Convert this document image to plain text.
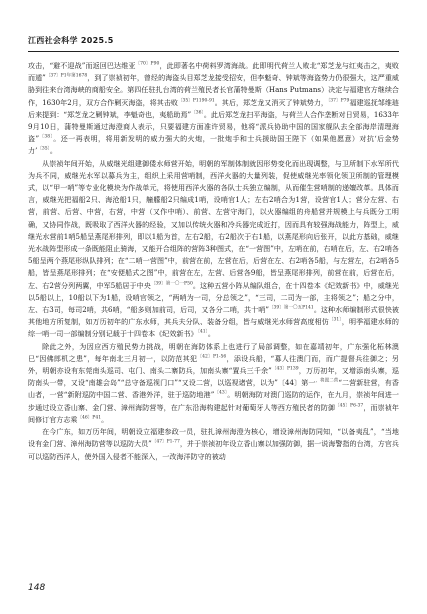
江西社会科学 2025.5

攻击，“避不迎战”而返回巴达维亚$^{〔70〕P90}$，此即著名中荷料罗湾海战。此即明代荷兰人败北“郑芝龙与红夷击之，夷败而遁”$^{〔37〕P1年第1678}$，到了崇祯初年，曾经的海盗头目郑芝龙接受招安，但李魁奇、钟斌等海盗势力仍很强大，这严重威胁到往来台湾海峡的商船安全。第四任驻扎台湾的荷兰殖民者长官蒲特曼斯（Hans Putmans）决定与福建官方继续合作，1630年2月，双方合作剿灭海盗，将其击败$^{〔35〕P1190-91}$。其后，郑芝龙又消灭了钟斌势力，$^{〔37〕P79}$福建巡抚邹维琏后来提到：“郑芝龙之剿钟斌，李魁奇也，夷船助焉”$^{〔36〕}$。此后郑芝龙扫平海盗，与荷兰人合作垄断对日贸易，1633年9月10日，蒲特曼斯通过海澄商人表示，只要福建方面准许贸易，他将“派兵协助中国的国家舰队去全部海岸清理海盗”$^{〔38〕}$。还一再表明，将用新发明的威力强大的火炮，一批炮手和士兵援助国王陛下（如果他愿意）对抗‘后金势力’$^{〔35〕}$。

从崇祯年间开始，从威继光组建御倭水师营开始，明朝的军制体制就因形势变化而出现调整，与卫所制下水军所代为兵不同，威继光水军以募兵为主，组织上采用营哨制，西洋火器的大量列装，促使威继光率领化领卫所制的管理模式，以“甲一哨”等专业化模块为作战单元，将使用西洋火器的各队士兵独立编制，从而催生营哨制的递嬗改革。具体而言，威继光把福船2只、海沧船1只，艟艨船2只编成1哨，设哨官1人；左右2哨合为1营，设营官1人；营分左营、右营，前营、后营、中营，右营，中营（又作中哨）、前营、左营守海门，以火器编组的舟船营并规模上与兵既分工明确，又协同作战，既吸取了西洋火器的经验，又加以传统火器和冷兵器完成近打，因而具有较强海战能力，阵型上，威继光水营前1哨5船呈燕尾形排列，即以1船为首，左右2船，右2船次于右1船，以燕尾形向后张开，以此方基础，威继光水战阵型形成一条既能阻止骑海，又能开合组阵的营阵3种图式，在“一营图”中，左哨在前，右哨在后，左、右2哨各5船呈两个燕尾形纵队排列；在“二哨一营图”中，前营在前，左营在后，后营在左、右2哨各5船，与左营左，右2哨各5船，皆呈燕尾形排列；在“安便船式之图”中，前营在左，左营、后营各9船，皆呈燕尾形排列，前营在前，后营在后，左、右2营分列两翼，中军5船居于中央$^{〔39〕第一〇一P50}$。这种五营小阵从编队组合，在十四卷本《纪效新书》中，威继光以5船以上，10船以下为1船，设哨官领之，“两哨为一司，分总领之”，“三司，二司为一部，主将领之”；船之分中，左、右3司，每司2哨，共6哨，“船多则加前司，后司，又各分二哨，共十哨”$^{〔39〕第一〇五P141}$。这种水师编制形式很快被其他地方所复制，如万历初年的广东水师，其兵夫分队、装备分组，皆与威继光水师营高度相仿$^{〔31〕}$，明季福建水师的综一哨一司一部编制分别记载于十四卷本《纪效新书》$^{〔41〕}$。

除此之外，为因应西方殖民势力挑战，明朝在海防体系上也进行了局部调整，如在嘉靖初年，广东强化柘林澳巳“因佛郎机之患”，每年南北三月初一，以防范其犯$^{〔42〕P1-56}$，添设兵船，“募人往澳门而，而广提督兵往御之；另外，明朝亦设有东莞南头巡司、屯门、南头二寨防兵，加南头寨“置兵三千余”$^{〔43〕P139}$，万历初年，又增添南头寨，巡防南头一带，又设“南雄会岛”“总守备巡视门口”“又设二营，以巡视诸营，以为”〔44〕第一$^{,将置二营}$“二营新驻营，有香山者，一营“新附巡防中国二营、香港外洋，驻于巡防地港”$^{〔43〕}$。明朝海防对澳门巡防的运作，在九月，崇祯年间进一步通过设立香山寨、金门营、漳州海防营等，在广东沿海构建起针对葡萄牙人等西方殖民者的防御$^{〔45〕P6-37}$，而崇祯年间修订官方志乘$^{〔46〕P41}$。

在今广东，如万历年间，明朝设立福建参政一员，驻扎漳州海澄为核心，增设漳州海防同知，“以备夷乱”，“当地设有金门营、漳州海防营等以巡防大员”$^{〔47〕P1-77}$，并于崇祯初年设立香山寨以加强防御，据一说海警指的台湾，方官兵可以巡防西洋人，使外国入侵者不能深入，一改海洋防守的被动

148
